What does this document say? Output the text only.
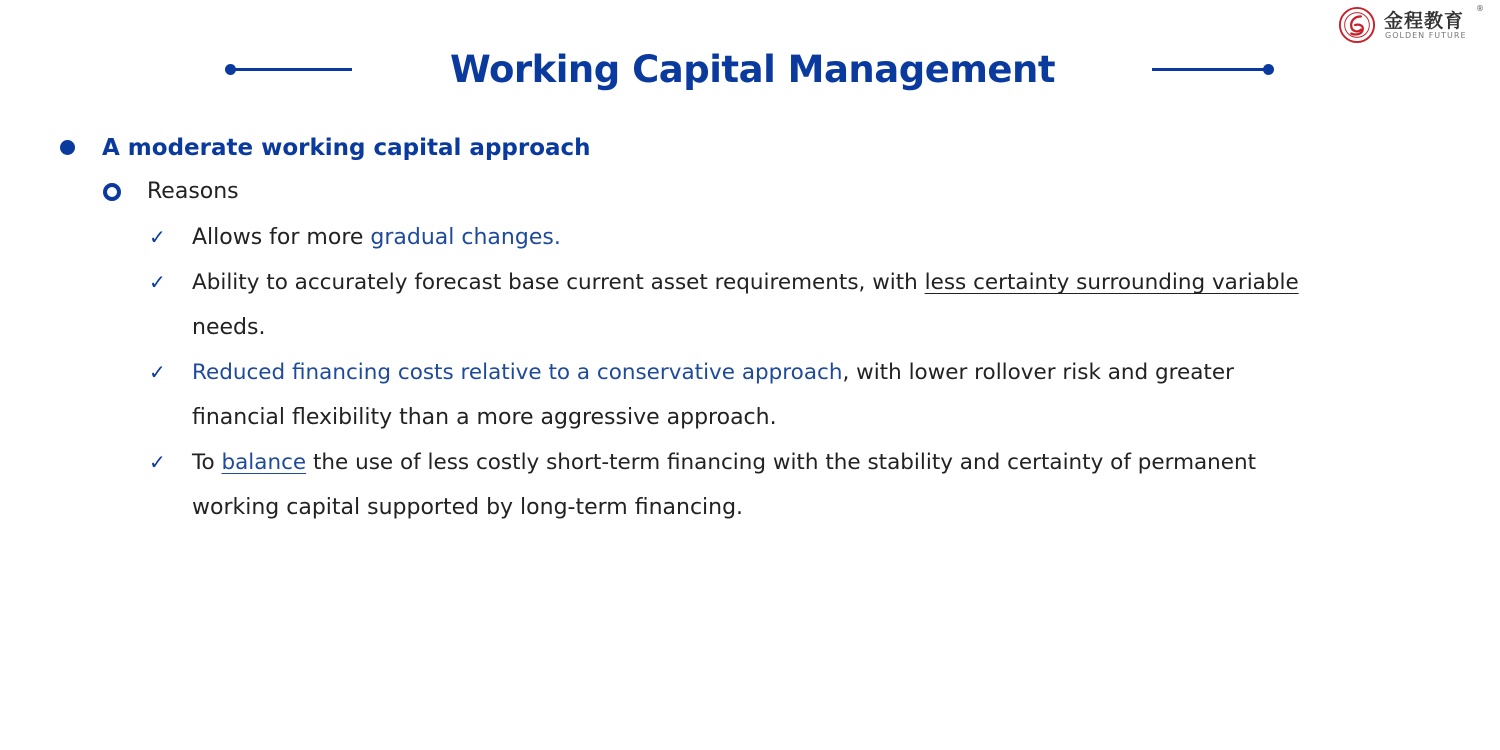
金程教育
®
GOLDEN FUTURE
Working Capital Management
A moderate working capital approach
Reasons
✓ Allows for more gradual changes.
✓ Ability to accurately forecast base current asset requirements, with less certainty surrounding variable
needs.
✓ Reduced financing costs relative to a conservative approach, with lower rollover risk and greater
financial flexibility than a more aggressive approach.
✓ To balance the use of less costly short-term financing with the stability and certainty of permanent
working capital supported by long-term financing.
